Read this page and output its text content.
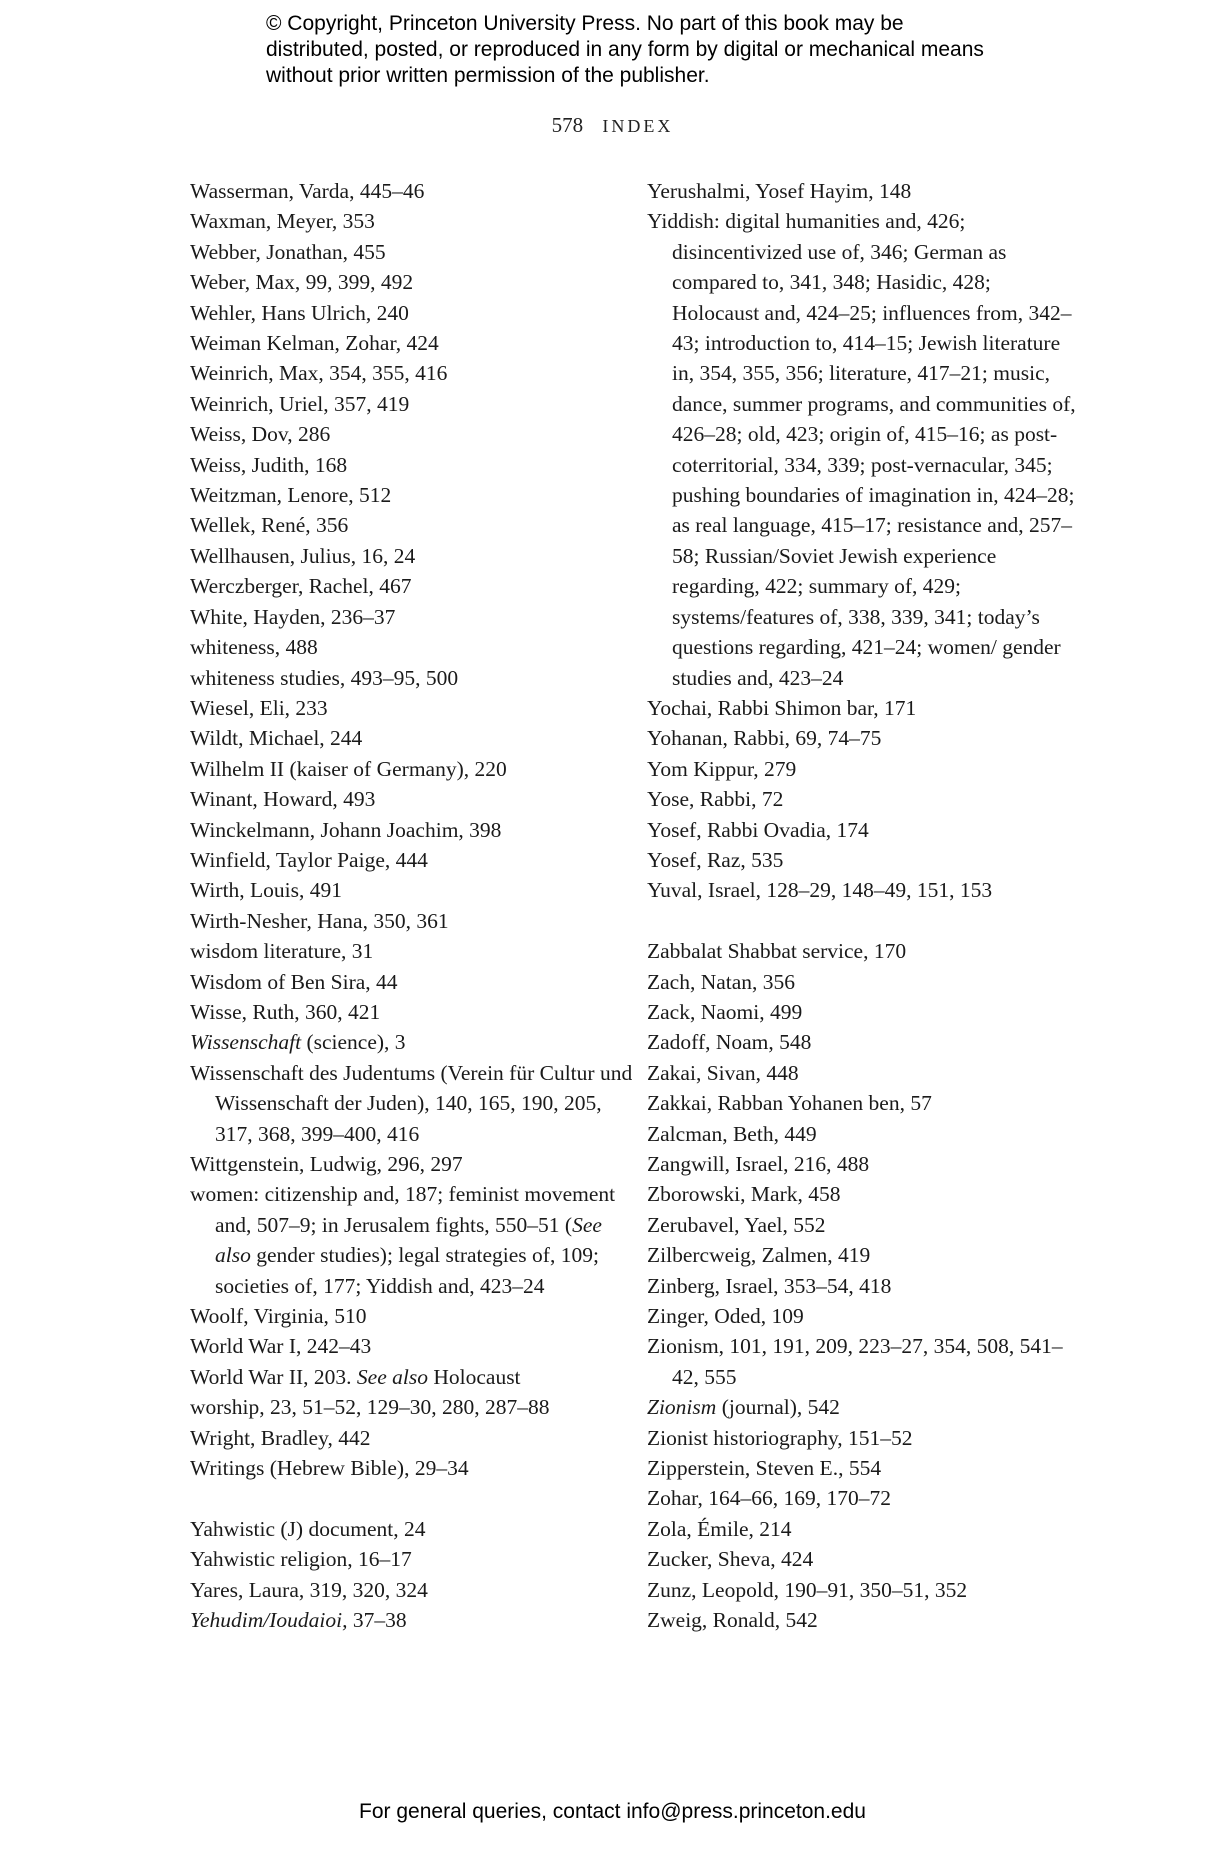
© Copyright, Princeton University Press. No part of this book may be distributed, posted, or reproduced in any form by digital or mechanical means without prior written permission of the publisher.
578 INDEX
Wasserman, Varda, 445–46
Waxman, Meyer, 353
Webber, Jonathan, 455
Weber, Max, 99, 399, 492
Wehler, Hans Ulrich, 240
Weiman Kelman, Zohar, 424
Weinrich, Max, 354, 355, 416
Weinrich, Uriel, 357, 419
Weiss, Dov, 286
Weiss, Judith, 168
Weitzman, Lenore, 512
Wellek, René, 356
Wellhausen, Julius, 16, 24
Werczberger, Rachel, 467
White, Hayden, 236–37
whiteness, 488
whiteness studies, 493–95, 500
Wiesel, Eli, 233
Wildt, Michael, 244
Wilhelm II (kaiser of Germany), 220
Winant, Howard, 493
Winckelmann, Johann Joachim, 398
Winfield, Taylor Paige, 444
Wirth, Louis, 491
Wirth-Nesher, Hana, 350, 361
wisdom literature, 31
Wisdom of Ben Sira, 44
Wisse, Ruth, 360, 421
Wissenschaft (science), 3
Wissenschaft des Judentums (Verein für Cultur und Wissenschaft der Juden), 140, 165, 190, 205, 317, 368, 399–400, 416
Wittgenstein, Ludwig, 296, 297
women: citizenship and, 187; feminist movement and, 507–9; in Jerusalem fights, 550–51 (See also gender studies); legal strategies of, 109; societies of, 177; Yiddish and, 423–24
Woolf, Virginia, 510
World War I, 242–43
World War II, 203. See also Holocaust
worship, 23, 51–52, 129–30, 280, 287–88
Wright, Bradley, 442
Writings (Hebrew Bible), 29–34
Yahwistic (J) document, 24
Yahwistic religion, 16–17
Yares, Laura, 319, 320, 324
Yehudim/Ioudaioi, 37–38
Yerushalmi, Yosef Hayim, 148
Yiddish: digital humanities and, 426; disincentivized use of, 346; German as compared to, 341, 348; Hasidic, 428; Holocaust and, 424–25; influences from, 342–43; introduction to, 414–15; Jewish literature in, 354, 355, 356; literature, 417–21; music, dance, summer programs, and communities of, 426–28; old, 423; origin of, 415–16; as post-coterritorial, 334, 339; post-vernacular, 345; pushing boundaries of imagination in, 424–28; as real language, 415–17; resistance and, 257–58; Russian/Soviet Jewish experience regarding, 422; summary of, 429; systems/features of, 338, 339, 341; today’s questions regarding, 421–24; women/ gender studies and, 423–24
Yochai, Rabbi Shimon bar, 171
Yohanan, Rabbi, 69, 74–75
Yom Kippur, 279
Yose, Rabbi, 72
Yosef, Rabbi Ovadia, 174
Yosef, Raz, 535
Yuval, Israel, 128–29, 148–49, 151, 153
Zabbalat Shabbat service, 170
Zach, Natan, 356
Zack, Naomi, 499
Zadoff, Noam, 548
Zakai, Sivan, 448
Zakkai, Rabban Yohanen ben, 57
Zalcman, Beth, 449
Zangwill, Israel, 216, 488
Zborowski, Mark, 458
Zerubavel, Yael, 552
Zilbercweig, Zalmen, 419
Zinberg, Israel, 353–54, 418
Zinger, Oded, 109
Zionism, 101, 191, 209, 223–27, 354, 508, 541–42, 555
Zionism (journal), 542
Zionist historiography, 151–52
Zipperstein, Steven E., 554
Zohar, 164–66, 169, 170–72
Zola, Émile, 214
Zucker, Sheva, 424
Zunz, Leopold, 190–91, 350–51, 352
Zweig, Ronald, 542
For general queries, contact info@press.princeton.edu
